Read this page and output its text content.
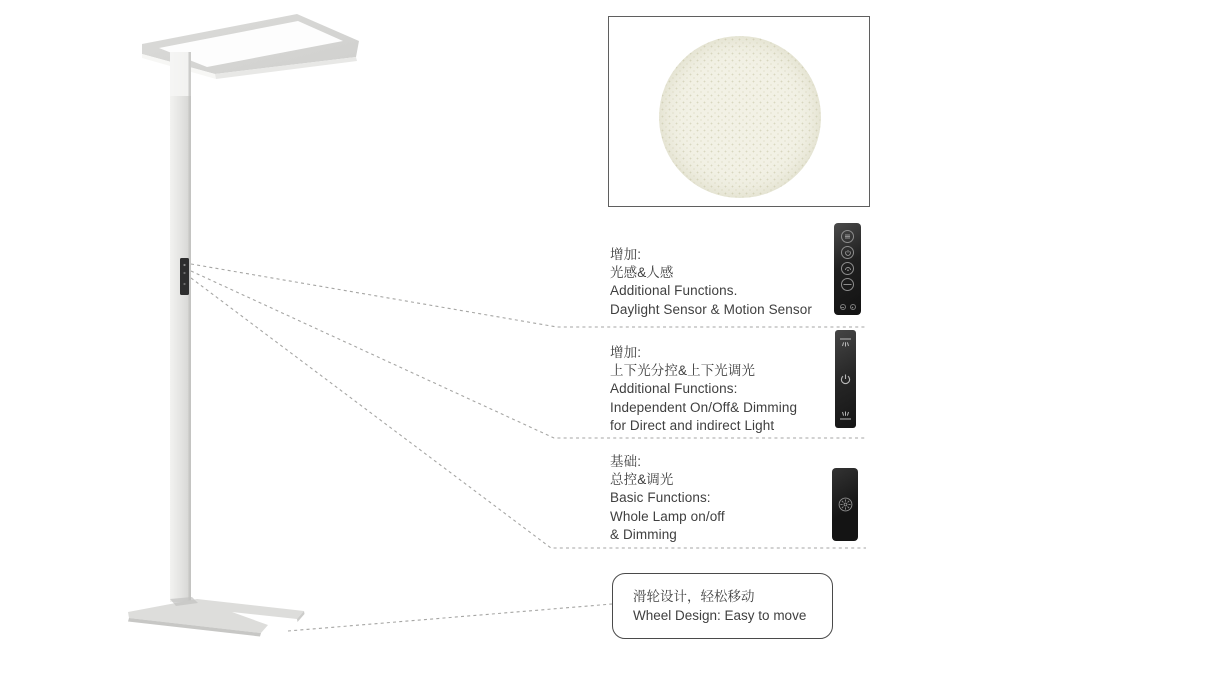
增加:
光感&人感
Additional Functions.
Daylight Sensor & Motion Sensor
增加:
上下光分控&上下光调光
Additional Functions:
Independent On/Off& Dimming
for Direct and indirect Light
基础:
总控&调光
Basic Functions:
Whole Lamp on/off
& Dimming
滑轮设计，轻松移动
Wheel Design: Easy to move
